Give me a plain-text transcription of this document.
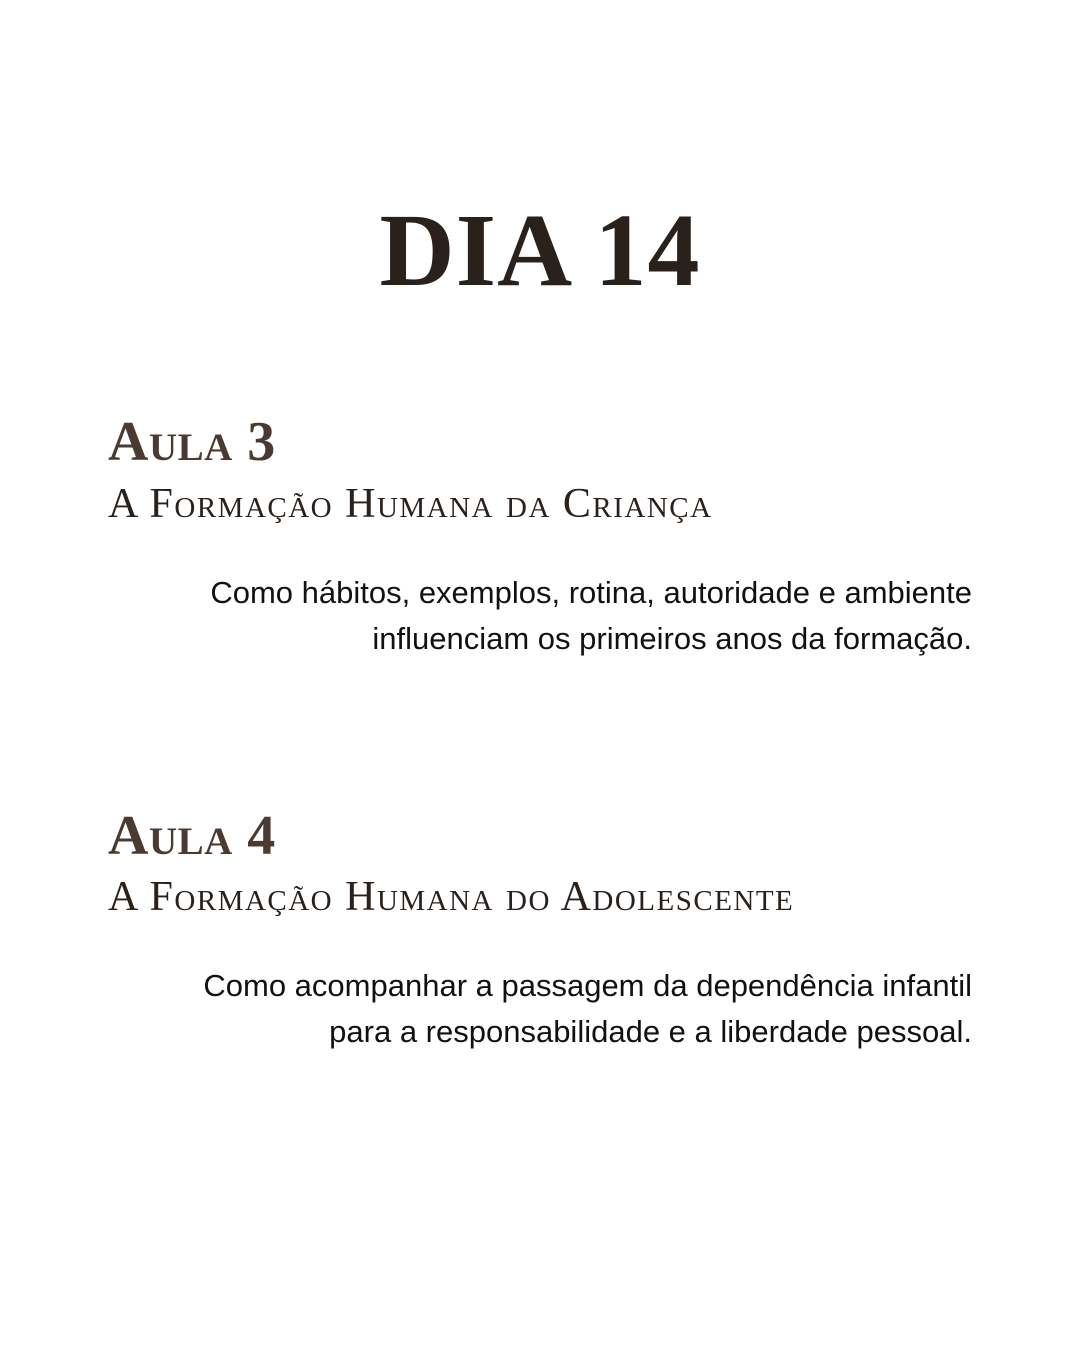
DIA 14
Aula 3
A Formação Humana da Criança
Como hábitos, exemplos, rotina, autoridade e ambiente influenciam os primeiros anos da formação.
Aula 4
A Formação Humana do Adolescente
Como acompanhar a passagem da dependência infantil para a responsabilidade e a liberdade pessoal.
